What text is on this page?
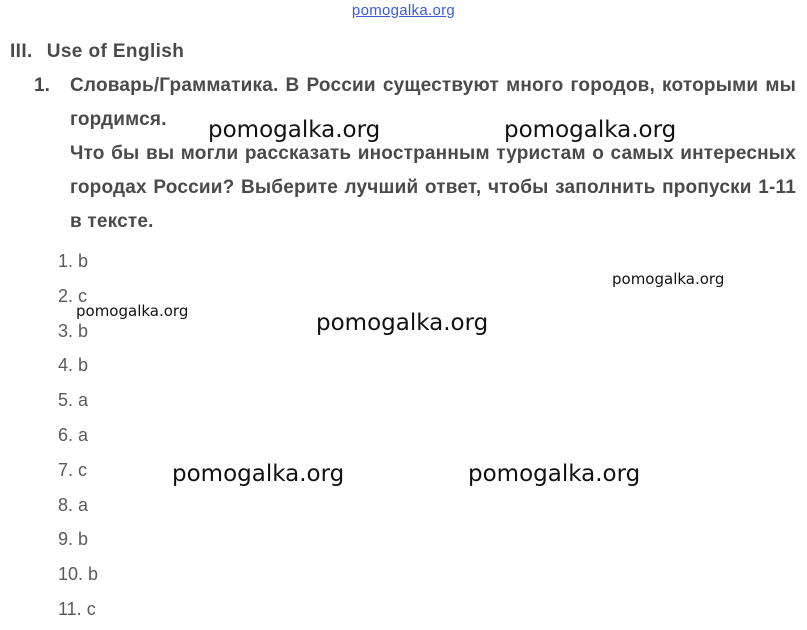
pomogalka.org
III. Use of English
1. Словарь/Грамматика. В России существуют много городов, которыми мы гордимся.

Что бы вы могли рассказать иностранным туристам о самых интересных городах России? Выберите лучший ответ, чтобы заполнить пропуски 1-11 в тексте.

1. b
2. c
3. b
4. b
5. a
6. a
7. c
8. a
9. b
10. b
11. c
pomogalka.org	pomogalka.org
pomogalka.org
pomogalka.org	pomogalka.org
pomogalka.org	pomogalka.org
